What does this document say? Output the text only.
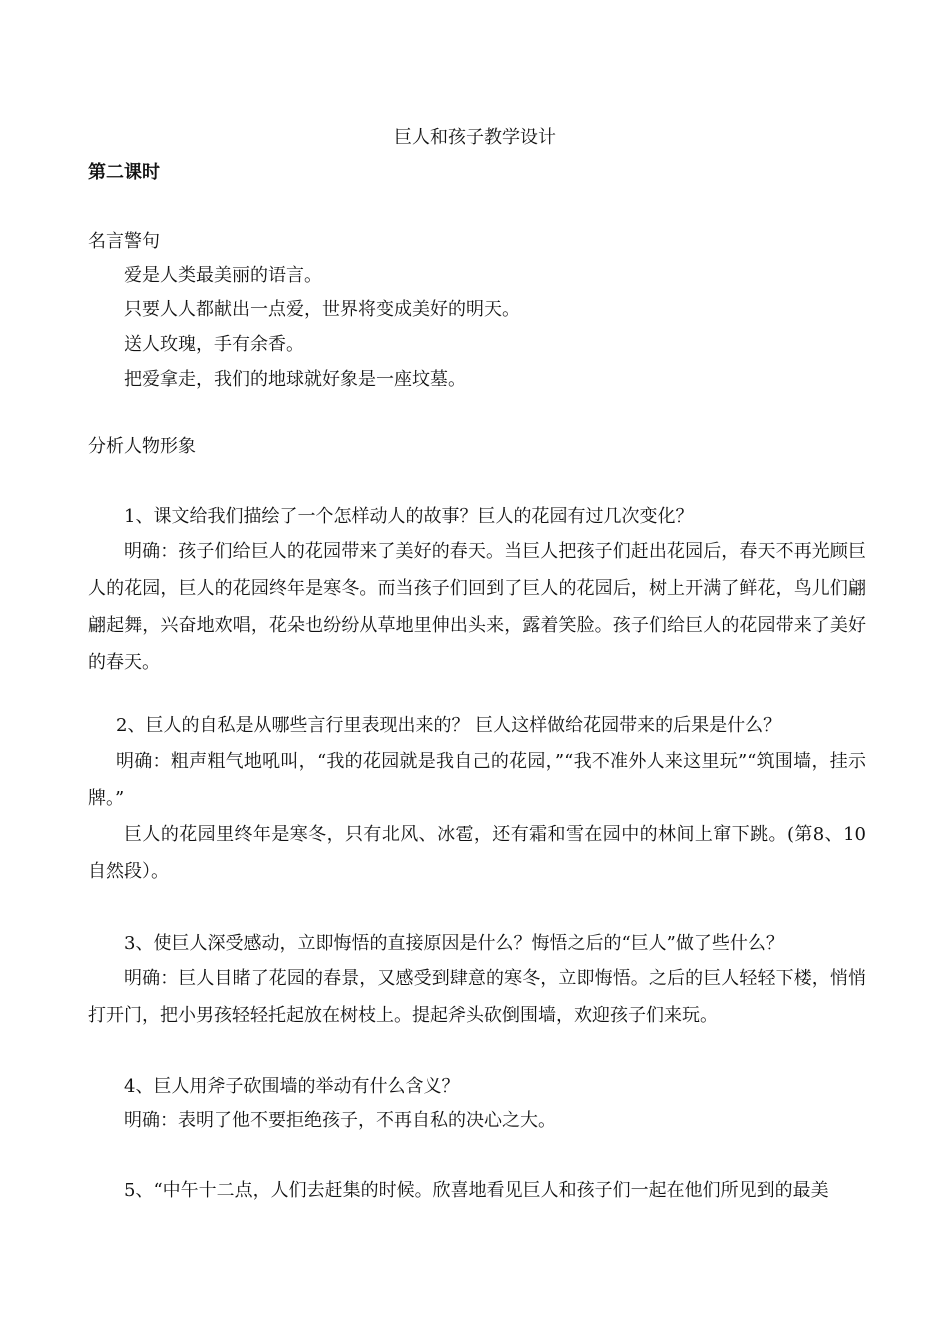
巨人和孩子教学设计
第二课时
名言警句
爱是人类最美丽的语言。
只要人人都献出一点爱，世界将变成美好的明天。
送人玫瑰，手有余香。
把爱拿走，我们的地球就好象是一座坟墓。
分析人物形象
1、课文给我们描绘了一个怎样动人的故事？巨人的花园有过几次变化？
明确：孩子们给巨人的花园带来了美好的春天。当巨人把孩子们赶出花园后，春天不再光顾巨人的花园，巨人的花园终年是寒冬。而当孩子们回到了巨人的花园后，树上开满了鲜花，鸟儿们翩翩起舞，兴奋地欢唱，花朵也纷纷从草地里伸出头来，露着笑脸。孩子们给巨人的花园带来了美好的春天。
2、巨人的自私是从哪些言行里表现出来的？ 巨人这样做给花园带来的后果是什么？
明确：粗声粗气地吼叫，“我的花园就是我自己的花园，”“我不准外人来这里玩”“筑围墙，挂示牌。”
巨人的花园里终年是寒冬，只有北风、冰雹，还有霜和雪在园中的林间上窜下跳。(第8、10自然段）。
3、使巨人深受感动，立即悔悟的直接原因是什么？悔悟之后的“巨人”做了些什么？
明确：巨人目睹了花园的春景，又感受到肆意的寒冬，立即悔悟。之后的巨人轻轻下楼，悄悄打开门，把小男孩轻轻托起放在树枝上。提起斧头砍倒围墙，欢迎孩子们来玩。
4、巨人用斧子砍围墙的举动有什么含义？
明确：表明了他不要拒绝孩子，不再自私的决心之大。
5、“中午十二点，人们去赶集的时候。欣喜地看见巨人和孩子们一起在他们所见到的最美
